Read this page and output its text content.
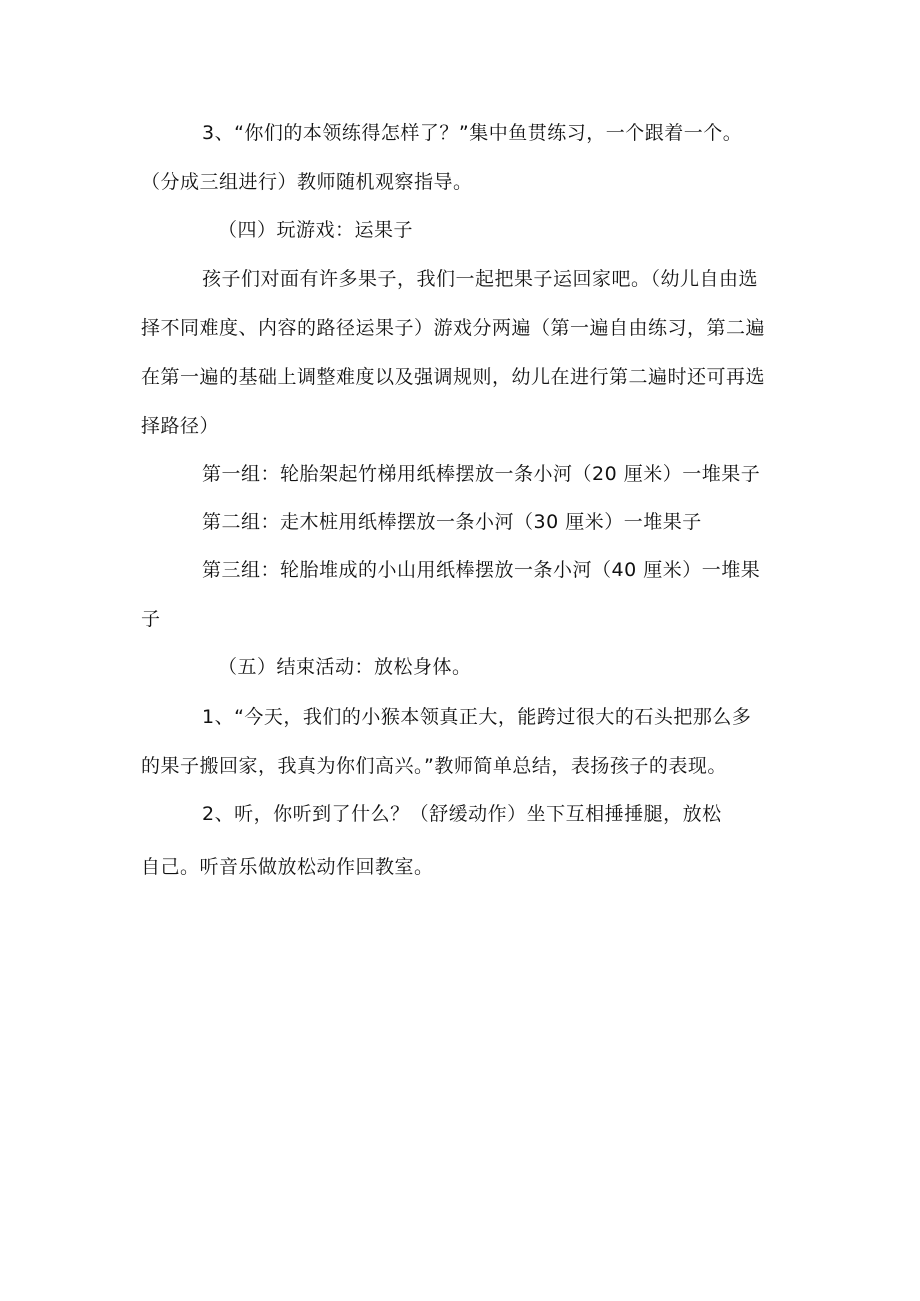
3、“你们的本领练得怎样了？”集中鱼贯练习，一个跟着一个。
（分成三组进行）教师随机观察指导。
（四）玩游戏：运果子
孩子们对面有许多果子，我们一起把果子运回家吧。（幼儿自由选
择不同难度、内容的路径运果子）游戏分两遍（第一遍自由练习，第二遍
在第一遍的基础上调整难度以及强调规则，幼儿在进行第二遍时还可再选
择路径）
第一组：轮胎架起竹梯用纸棒摆放一条小河（20 厘米）一堆果子
第二组：走木桩用纸棒摆放一条小河（30 厘米）一堆果子
第三组：轮胎堆成的小山用纸棒摆放一条小河（40 厘米）一堆果
子
（五）结束活动：放松身体。
1、“今天，我们的小猴本领真正大，能跨过很大的石头把那么多
的果子搬回家，我真为你们高兴。”教师简单总结，表扬孩子的表现。
2、听，你听到了什么？（舒缓动作）坐下互相捶捶腿，放松
自己。听音乐做放松动作回教室。
